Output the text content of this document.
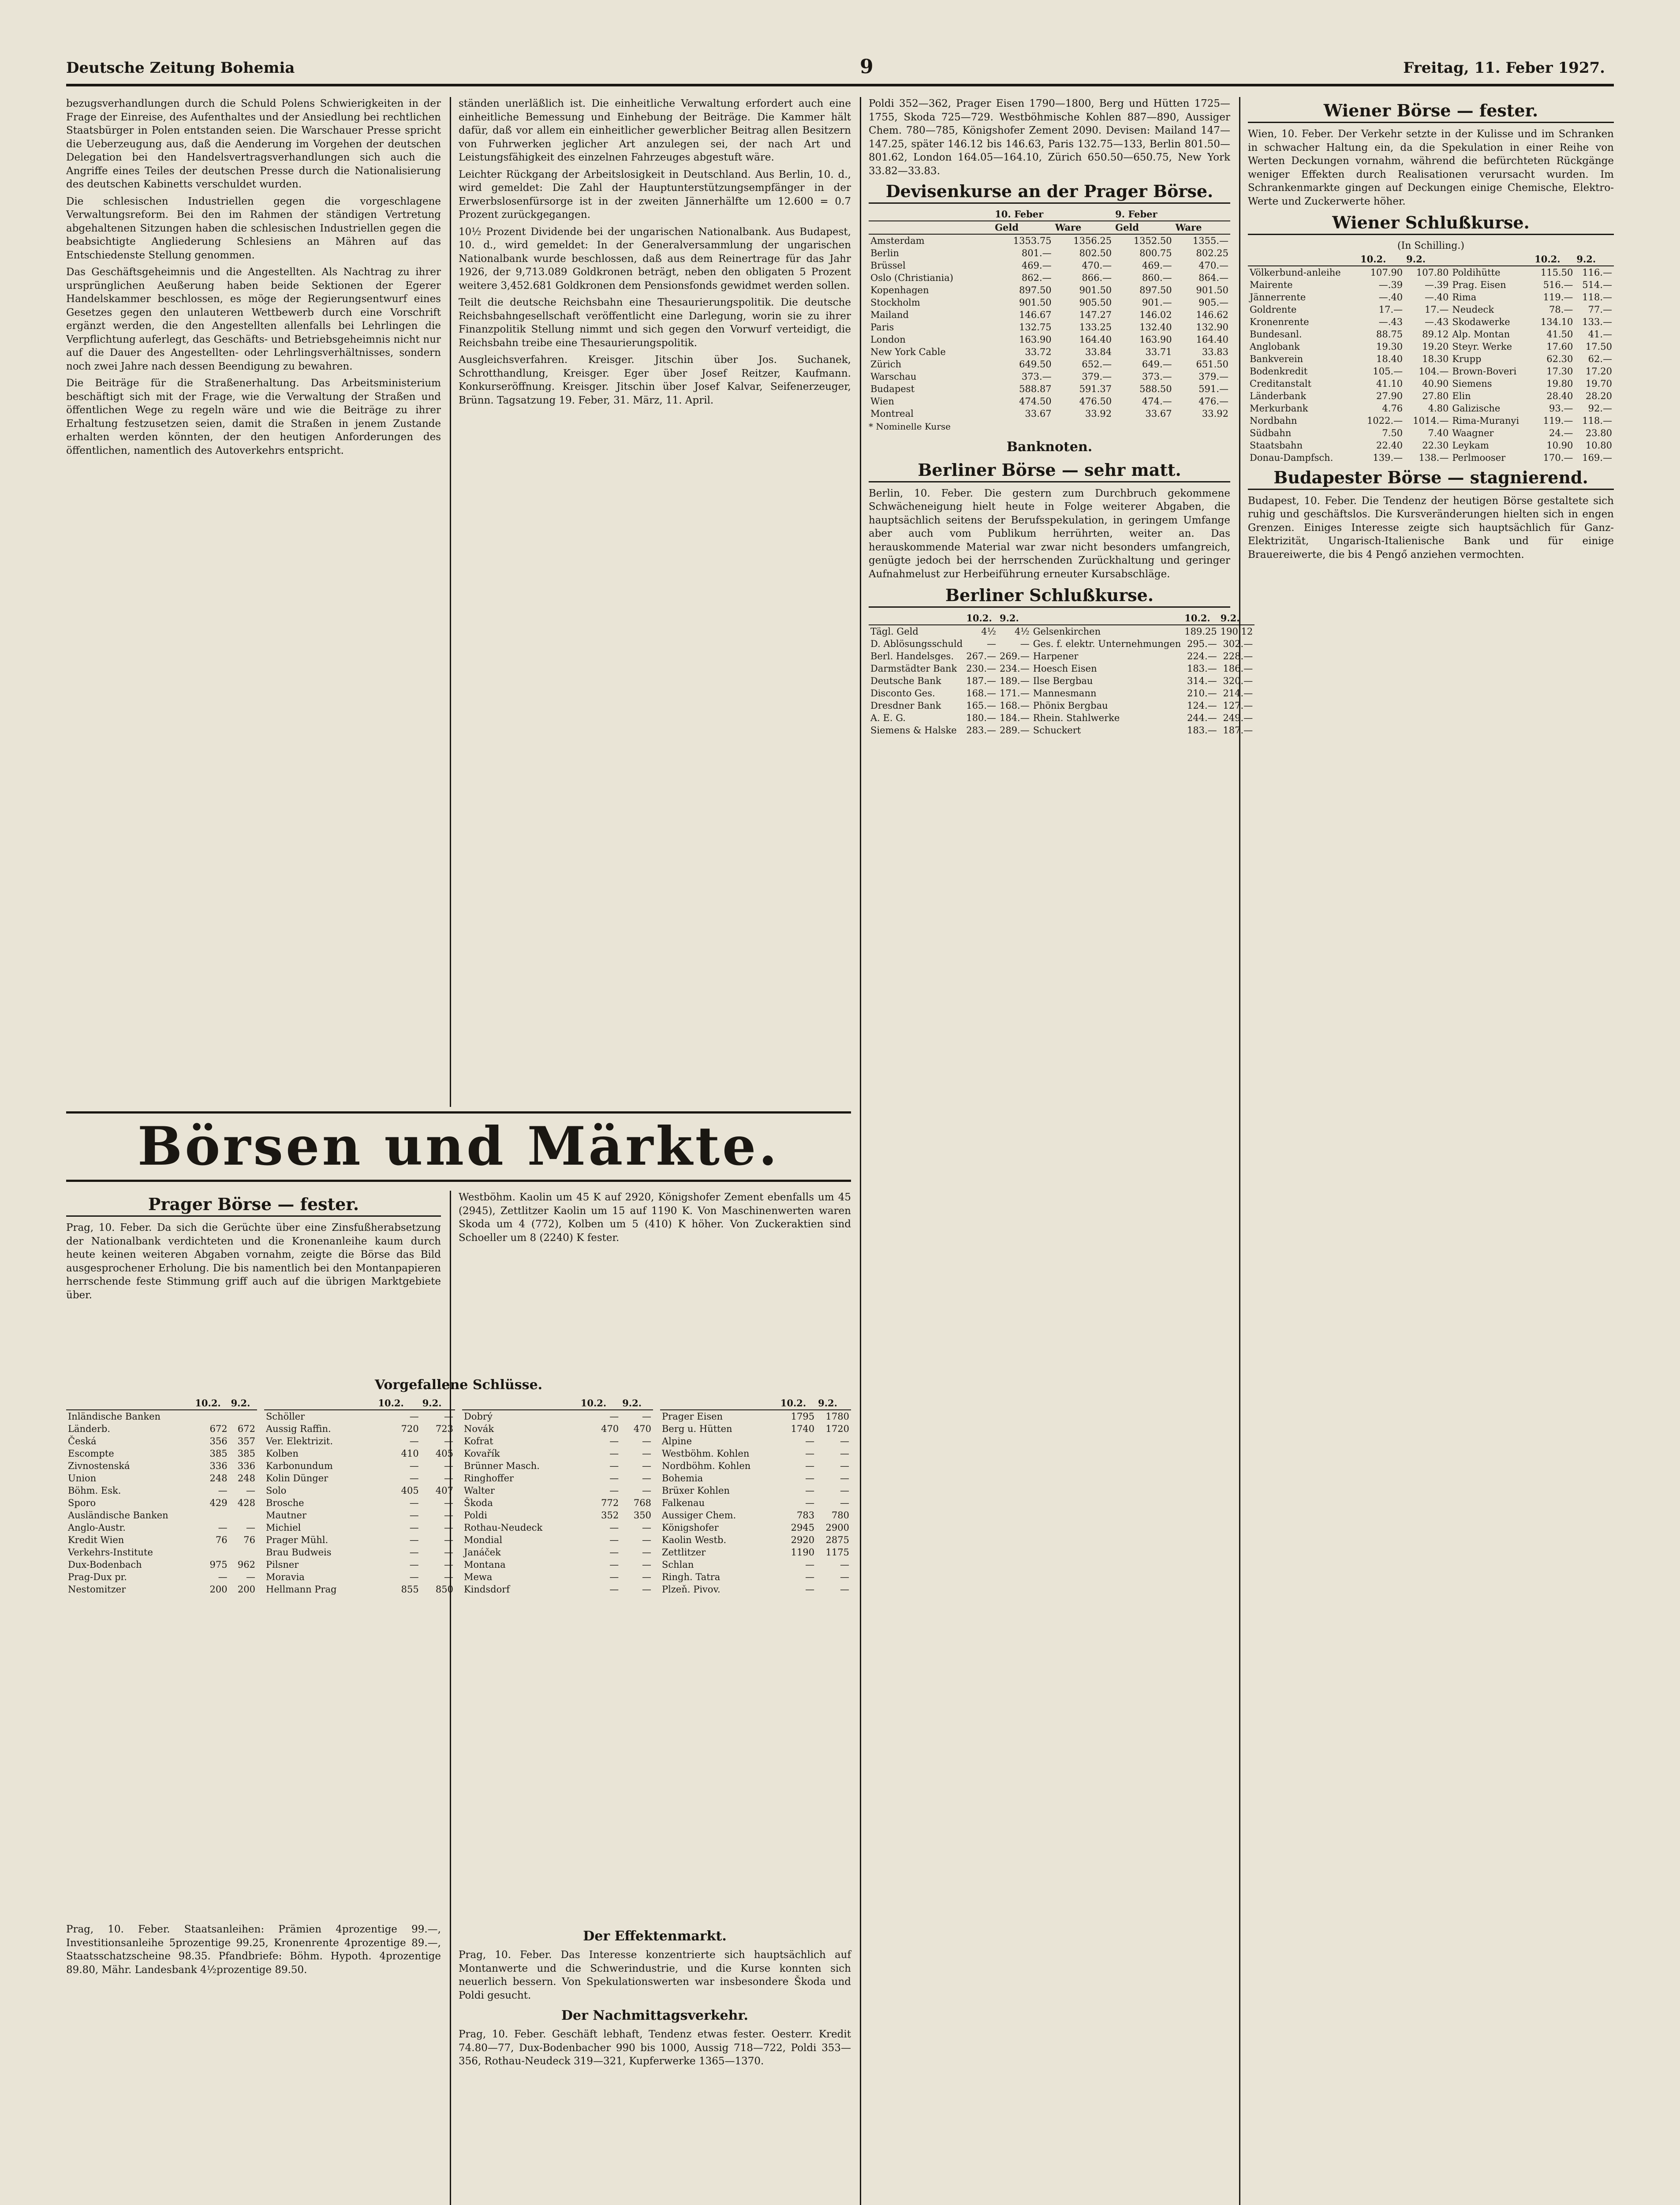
Deutsche Zeitung Bohemia	9	Freitag, 11. Feber 1927.

bezugsverhandlungen durch die Schuld Polens Schwierigkeiten in der Frage der Einreise, des Aufenthaltes und der Ansiedlung bei rechtlichen Staatsbürger in Polen entstanden seien. Die Warschauer Presse spricht die Ueberzeugung aus, daß die Aenderung im Vorgehen der deutschen Delegation bei den Handelsvertragsverhandlungen sich auch die Angriffe eines Teiles der deutschen Presse durch die Nationalisierung des deutschen Kabinetts verschuldet wurden.

Die schlesischen Industriellen gegen die vorgeschlagene Verwaltungsreform. Bei den im Rahmen der ständigen Vertretung abgehaltenen Sitzungen haben die schlesischen Industriellen gegen die beabsichtigte Angliederung Schlesiens an Mähren auf das Entschiedenste Stellung genommen.

Das Geschäftsgeheimnis und die Angestellten. Als Nachtrag zu ihrer ursprünglichen Aeußerung haben beide Sektionen der Egerer Handelskammer beschlossen, es möge der Regierungsentwurf eines Gesetzes gegen den unlauteren Wettbewerb durch eine Vorschrift ergänzt werden, die den Angestellten allenfalls bei Lehrlingen die Verpflichtung auferlegt, das Geschäfts- und Betriebsgeheimnis nicht nur auf die Dauer des Angestellten- oder Lehrlingsverhältnisses, sondern noch zwei Jahre nach dessen Beendigung zu bewahren.

Die Beiträge für die Straßenerhaltung. Das Arbeitsministerium beschäftigt sich mit der Frage, wie die Verwaltung der Straßen und öffentlichen Wege zu regeln wäre und wie die Beiträge zu ihrer Erhaltung festzusetzen seien, damit die Straßen in jenem Zustande erhalten werden könnten, der den heutigen Anforderungen des öffentlichen, namentlich des Autoverkehrs entspricht.

ständen unerläßlich ist. Die einheitliche Verwaltung erfordert auch eine einheitliche Bemessung und Einhebung der Beiträge. Die Kammer hält dafür, daß vor allem ein einheitlicher gewerblicher Beitrag allen Besitzern von Fuhrwerken jeglicher Art anzulegen sei, der nach Art und Leistungsfähigkeit des einzelnen Fahrzeuges abgestuft wäre.

Leichter Rückgang der Arbeitslosigkeit in Deutschland. Aus Berlin, 10. d., wird gemeldet: Die Zahl der Hauptunterstützungsempfänger in der Erwerbslosenfürsorge ist in der zweiten Jännerhälfte um 12.600 = 0.7 Prozent zurückgegangen.

10½ Prozent Dividende bei der ungarischen Nationalbank. Aus Budapest, 10. d., wird gemeldet: In der Generalversammlung der ungarischen Nationalbank wurde beschlossen, daß aus dem Reinertrage für das Jahr 1926, der 9,713.089 Goldkronen beträgt, neben den obligaten 5 Prozent weitere 3,452.681 Goldkronen dem Pensionsfonds gewidmet werden sollen.

Teilt die deutsche Reichsbahn eine Thesaurierungspolitik. Die deutsche Reichsbahngesellschaft veröffentlicht eine Darlegung, worin sie zu ihrer Finanzpolitik Stellung nimmt und sich gegen den Vorwurf verteidigt, die Reichsbahn treibe eine Thesaurierungspolitik.

Ausgleichsverfahren. Kreisger. Jitschin über Jos. Suchanek, Schrotthandlung, Kreisger. Eger über Josef Reitzer, Kaufmann. Konkurseröffnung. Kreisger. Jitschin über Josef Kalvar, Seifenerzeuger, Brünn. Tagsatzung 19. Feber, 31. März, 11. April.

Börsen und Märkte.
Prager Börse — fester.

Prag, 10. Feber. Da sich die Gerüchte über eine Zinsfußherabsetzung der Nationalbank verdichteten und die Kronenanleihe kaum durch heute keinen weiteren Abgaben vornahm, zeigte die Börse das Bild ausgesprochener Erholung. Die bis namentlich bei den Montanpapieren herrschende feste Stimmung griff auch auf die übrigen Marktgebiete über.

Westböhm. Kaolin um 45 K auf 2920, Königshofer Zement ebenfalls um 45 (2945), Zettlitzer Kaolin um 15 auf 1190 K. Von Maschinenwerten waren Skoda um 4 (772), Kolben um 5 (410) K höher. Von Zuckeraktien sind Schoeller um 8 (2240) K fester.

Vorgefallene Schlüsse.
	10.2.	9.2.
Inländische Banken		
Länderb.	672	672
Česká	356	357
Escompte	385	385
Zivnostenská	336	336
Union	248	248
Böhm. Esk.	—	—
Sporo	429	428
Ausländische Banken		
Anglo-Austr.	—	—
Kredit Wien	76	76
Verkehrs-Institute		
Dux-Bodenbach	975	962
Prag-Dux pr.	—	—
Nestomitzer	200	200
	10.2.	9.2.
Schöller	—	—
Aussig Raffin.	720	723
Ver. Elektrizit.	—	—
Kolben	410	405
Karbonundum	—	—
Kolin Dünger	—	—
Solo	405	407
Brosche	—	—
Mautner	—	—
Michiel	—	—
Prager Mühl.	—	—
Brau Budweis	—	—
Pilsner	—	—
Moravia	—	—
Hellmann Prag	855	850
	10.2.	9.2.
Dobrý	—	—
Novák	470	470
Kofrat	—	—
Kovařík	—	—
Brünner Masch.	—	—
Ringhoffer	—	—
Walter	—	—
Škoda	772	768
Poldi	352	350
Rothau-Neudeck	—	—
Mondial	—	—
Janáček	—	—
Montana	—	—
Mewa	—	—
Kindsdorf	—	—
	10.2.	9.2.
Prager Eisen	1795	1780
Berg u. Hütten	1740	1720
Alpine	—	—
Westböhm. Kohlen	—	—
Nordböhm. Kohlen	—	—
Bohemia	—	—
Brüxer Kohlen	—	—
Falkenau	—	—
Aussiger Chem.	783	780
Königshofer	2945	2900
Kaolin Westb.	2920	2875
Zettlitzer	1190	1175
Schlan	—	—
Ringh. Tatra	—	—
Plzeň. Pivov.	—	—

Prag, 10. Feber. Staatsanleihen: Prämien 4prozentige 99.—, Investitionsanleihe 5prozentige 99.25, Kronenrente 4prozentige 89.—, Staatsschatzscheine 98.35. Pfandbriefe: Böhm. Hypoth. 4prozentige 89.80, Mähr. Landesbank 4½prozentige 89.50.

Der Effektenmarkt.

Prag, 10. Feber. Das Interesse konzentrierte sich hauptsächlich auf Montanwerte und die Schwerindustrie, und die Kurse konnten sich neuerlich bessern. Von Spekulationswerten war insbesondere Škoda und Poldi gesucht.

Der Nachmittagsverkehr.

Prag, 10. Feber. Geschäft lebhaft, Tendenz etwas fester. Oesterr. Kredit 74.80—77, Dux-Bodenbacher 990 bis 1000, Aussig 718—722, Poldi 353—356, Rothau-Neudeck 319—321, Kupferwerke 1365—1370.

Poldi 352—362, Prager Eisen 1790—1800, Berg und Hütten 1725—1755, Skoda 725—729. Westböhmische Kohlen 887—890, Aussiger Chem. 780—785, Königshofer Zement 2090. Devisen: Mailand 147—147.25, später 146.12 bis 146.63, Paris 132.75—133, Berlin 801.50—801.62, London 164.05—164.10, Zürich 650.50—650.75, New York 33.82—33.83.

Devisenkurse an der Prager Börse.
	10. Feber		9. Feber	
	Geld	Ware	Geld	Ware
Amsterdam	1353.75	1356.25	1352.50	1355.—
Berlin	801.—	802.50	800.75	802.25
Brüssel	469.—	470.—	469.—	470.—
Oslo (Christiania)	862.—	866.—	860.—	864.—
Kopenhagen	897.50	901.50	897.50	901.50
Stockholm	901.50	905.50	901.—	905.—
Mailand	146.67	147.27	146.02	146.62
Paris	132.75	133.25	132.40	132.90
London	163.90	164.40	163.90	164.40
New York Cable	33.72	33.84	33.71	33.83
Zürich	649.50	652.—	649.—	651.50
Warschau	373.—	379.—	373.—	379.—
Budapest	588.87	591.37	588.50	591.—
Wien	474.50	476.50	474.—	476.—
Montreal	33.67	33.92	33.67	33.92
* Nominelle Kurse
Banknoten.
Berliner Börse — sehr matt.

Berlin, 10. Feber. Die gestern zum Durchbruch gekommene Schwächeneigung hielt heute in Folge weiterer Abgaben, die hauptsächlich seitens der Berufsspekulation, in geringem Umfange aber auch vom Publikum herrührten, weiter an. Das herauskommende Material war zwar nicht besonders umfangreich, genügte jedoch bei der herrschenden Zurückhaltung und geringer Aufnahmelust zur Herbeiführung erneuter Kursabschläge.

Berliner Schlußkurse.
	10.2.	9.2.		10.2.	9.2.
Tägl. Geld	4½	4½	Gelsenkirchen	189.25	190.12
D. Ablösungsschuld	—	—	Ges. f. elektr. Unternehmungen	295.—	302.—
Berl. Handelsges.	267.—	269.—	Harpener	224.—	228.—
Darmstädter Bank	230.—	234.—	Hoesch Eisen	183.—	186.—
Deutsche Bank	187.—	189.—	Ilse Bergbau	314.—	320.—
Disconto Ges.	168.—	171.—	Mannesmann	210.—	214.—
Dresdner Bank	165.—	168.—	Phönix Bergbau	124.—	127.—
A. E. G.	180.—	184.—	Rhein. Stahlwerke	244.—	249.—
Siemens & Halske	283.—	289.—	Schuckert	183.—	187.—
Wiener Börse — fester.

Wien, 10. Feber. Der Verkehr setzte in der Kulisse und im Schranken in schwacher Haltung ein, da die Spekulation in einer Reihe von Werten Deckungen vornahm, während die befürchteten Rückgänge weniger Effekten durch Realisationen verursacht wurden. Im Schrankenmarkte gingen auf Deckungen einige Chemische, Elektro-Werte und Zuckerwerte höher.

Wiener Schlußkurse.
(In Schilling.)
	10.2.	9.2.		10.2.	9.2.
Völkerbund-anleihe	107.90	107.80	Poldihütte	115.50	116.—
Mairente	—.39	—.39	Prag. Eisen	516.—	514.—
Jännerrente	—.40	—.40	Rima	119.—	118.—
Goldrente	17.—	17.—	Neudeck	78.—	77.—
Kronenrente	—.43	—.43	Skodawerke	134.10	133.—
Bundesanl.	88.75	89.12	Alp. Montan	41.50	41.—
Anglobank	19.30	19.20	Steyr. Werke	17.60	17.50
Bankverein	18.40	18.30	Krupp	62.30	62.—
Bodenkredit	105.—	104.—	Brown-Boveri	17.30	17.20
Creditanstalt	41.10	40.90	Siemens	19.80	19.70
Länderbank	27.90	27.80	Elin	28.40	28.20
Merkurbank	4.76	4.80	Galizische	93.—	92.—
Nordbahn	1022.—	1014.—	Rima-Muranyi	119.—	118.—
Südbahn	7.50	7.40	Waagner	24.—	23.80
Staatsbahn	22.40	22.30	Leykam	10.90	10.80
Donau-Dampfsch.	139.—	138.—	Perlmooser	170.—	169.—
Budapester Börse — stagnierend.

Budapest, 10. Feber. Die Tendenz der heutigen Börse gestaltete sich ruhig und geschäftslos. Die Kursveränderungen hielten sich in engen Grenzen. Einiges Interesse zeigte sich hauptsächlich für Ganz-Elektrizität, Ungarisch-Italienische Bank und für einige Brauereiwerte, die bis 4 Pengő anziehen vermochten.
